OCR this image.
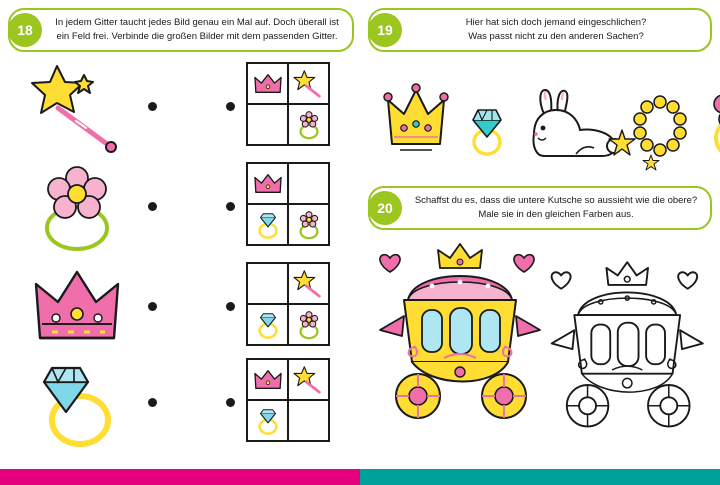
18	In jedem Gitter taucht jedes Bild genau ein Mal auf. Doch überall ist
ein Feld frei. Verbinde die großen Bilder mit dem passenden Gitter.	19	Hier hat sich doch jemand eingeschlichen?
Was passt nicht zu den anderen Sachen?
20	Schaffst du es, dass die untere Kutsche so aussieht wie die obere?
Male sie in den gleichen Farben aus.
